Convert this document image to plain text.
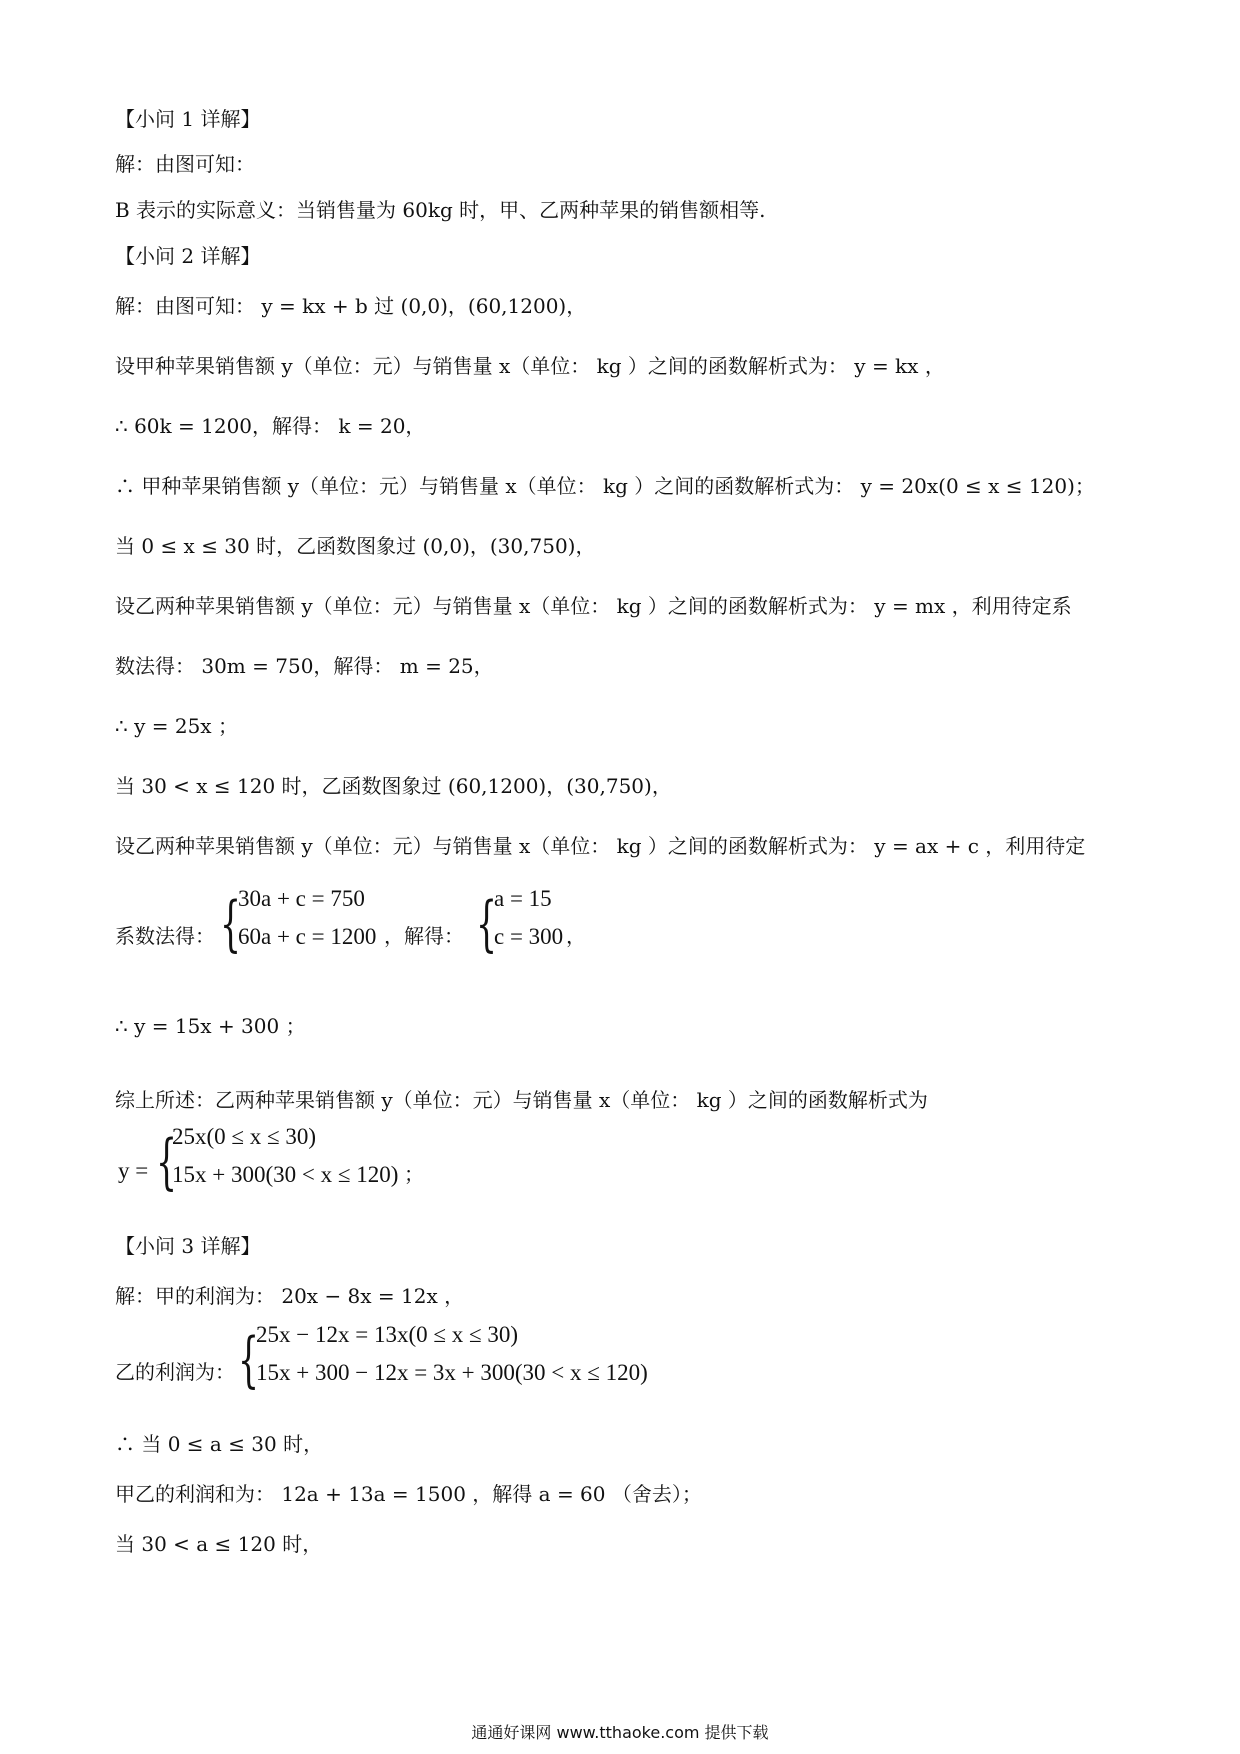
【小问 1 详解】
解：由图可知：
B 表示的实际意义：当销售量为 60kg 时，甲、乙两种苹果的销售额相等.
【小问 2 详解】
解：由图可知： y = kx + b 过 (0,0)，(60,1200)，
设甲种苹果销售额 y（单位：元）与销售量 x（单位： kg ）之间的函数解析式为： y = kx ，
∴ 60k = 1200，解得： k = 20，
∴ 甲种苹果销售额 y（单位：元）与销售量 x（单位： kg ）之间的函数解析式为： y = 20x(0 ≤ x ≤ 120)；
当 0 ≤ x ≤ 30 时，乙函数图象过 (0,0)，(30,750)，
设乙两种苹果销售额 y（单位：元）与销售量 x（单位： kg ）之间的函数解析式为： y = mx ，利用待定系
数法得： 30m = 750，解得： m = 25，
∴ y = 25x ；
当 30 < x ≤ 120 时，乙函数图象过 (60,1200)，(30,750)，
设乙两种苹果销售额 y（单位：元）与销售量 x（单位： kg ）之间的函数解析式为： y = ax + c ，利用待定
系数法得： {
30a + c = 750
60a + c = 1200 ，解得： {
a = 15
c = 300 ，
∴ y = 15x + 300 ；
综上所述：乙两种苹果销售额 y（单位：元）与销售量 x（单位： kg ）之间的函数解析式为
y = {
25x(0 ≤ x ≤ 30)
15x + 300(30 < x ≤ 120) ；
【小问 3 详解】
解：甲的利润为： 20x − 8x = 12x ，
乙的利润为： {
25x − 12x = 13x(0 ≤ x ≤ 30)
15x + 300 − 12x = 3x + 300(30 < x ≤ 120)
∴ 当 0 ≤ a ≤ 30 时，
甲乙的利润和为： 12a + 13a = 1500 ，解得 a = 60 （舍去）；
当 30 < a ≤ 120 时，
通通好课网 www.tthaoke.com 提供下载
